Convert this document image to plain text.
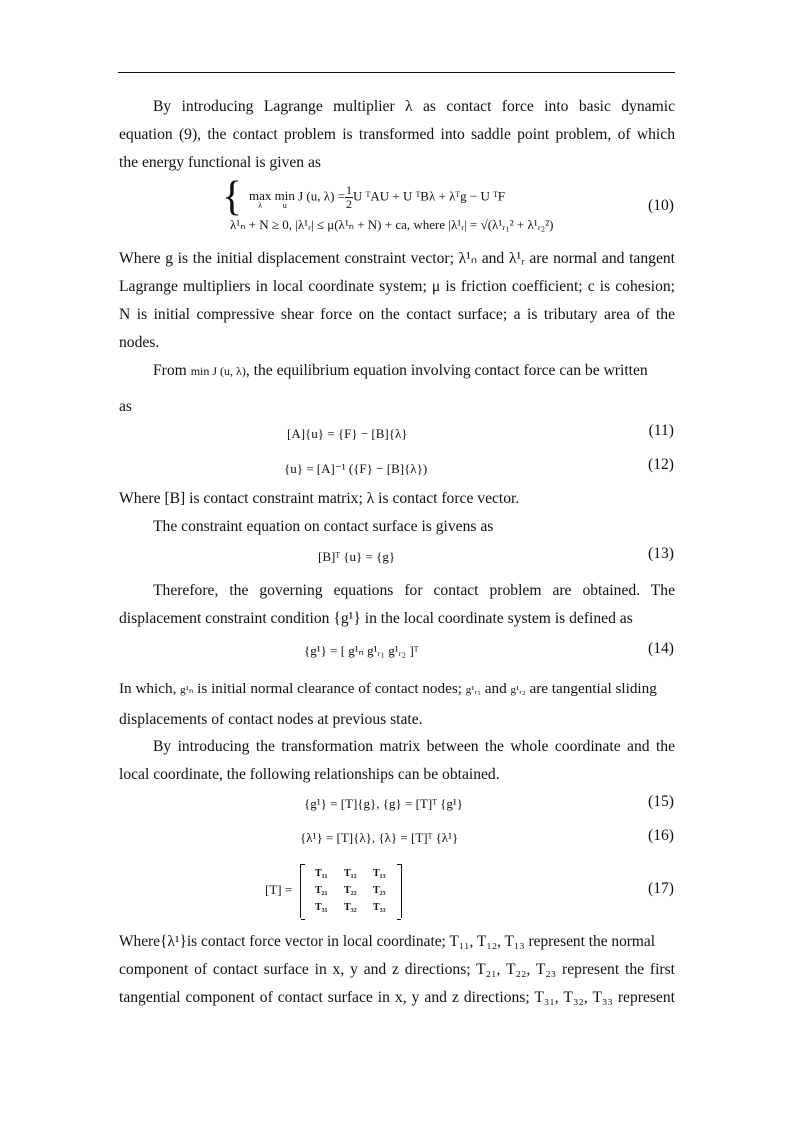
By introducing Lagrange multiplier λ as contact force into basic dynamic

equation (9), the contact problem is transformed into saddle point problem, of which

the energy functional is given as

{ max
λ
min
u
J (u, $\lambda) = \frac{1}{2}$ U ᵀAU + U ᵀBλ + λᵀg − U ᵀF
λ¹ₙ + N ≥ 0, |λ¹ᵣ| ≤ μ(λ¹ₙ + N) + ca, where |λ¹ᵣ| = √(λ¹ᵣ₁² + λ¹ᵣ₂²)
(10)

Where g is the initial displacement constraint vector; λ¹ₙ and λ¹ᵣ are normal and tangent

Lagrange multipliers in local coordinate system; μ is friction coefficient; c is cohesion;

N is initial compressive shear force on the contact surface; a is tributary area of the

nodes.

From min J (u, λ), the equilibrium equation involving contact force can be written

as

[A]{u} = {F} − [B]{λ}	(11)
{u} = [A]⁻¹ ({F} − [B]{λ})	(12)

Where [B] is contact constraint matrix; λ is contact force vector.

The constraint equation on contact surface is givens as

[B]ᵀ {u} = {g}	(13)

Therefore, the governing equations for contact problem are obtained. The

displacement constraint condition {g¹} in the local coordinate system is defined as

{g¹} = [ g¹ₙ g¹ᵣ₁ g¹ᵣ₂ ]ᵀ	(14)

In which, g¹ₙ is initial normal clearance of contact nodes; g¹ᵣ₁ and g¹ᵣ₂ are tangential sliding

displacements of contact nodes at previous state.

By introducing the transformation matrix between the whole coordinate and the

local coordinate, the following relationships can be obtained.

{g¹} = [T]{g}, {g} = [T]ᵀ {g¹}	(15)
{λ¹} = [T]{λ}, {λ} = [T]ᵀ {λ¹}	(16)
[T] =
T₁₁ T₁₂ T₁₃
T₂₁ T₂₂ T₂₃
T₃₁ T₃₂ T₃₃
(17)

Where{λ¹}is contact force vector in local coordinate; T₁₁, T₁₂, T₁₃ represent the normal

component of contact surface in x, y and z directions; T₂₁, T₂₂, T₂₃ represent the first

tangential component of contact surface in x, y and z directions; T₃₁, T₃₂, T₃₃ represent
